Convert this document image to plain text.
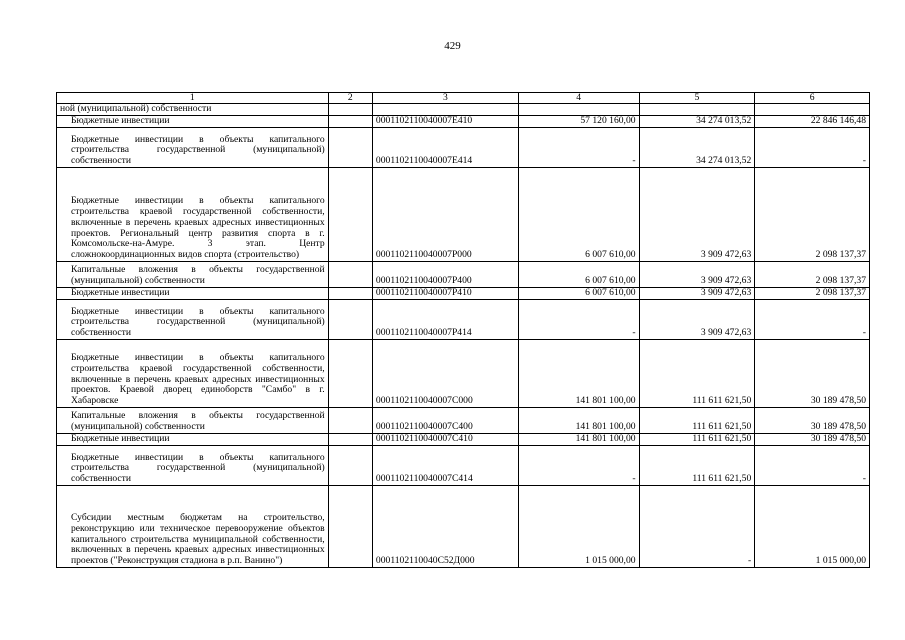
429
1	2	3	4	5	6
ной (муниципальной) собственности					
Бюджетные инвестиции		0001102110040007Е410	57 120 160,00	34 274 013,52	22 846 146,48
Бюджетные инвестиции в объекты капитального строительства государственной (муниципальной) собственности		0001102110040007Е414	-	34 274 013,52	-
Бюджетные инвестиции в объекты капитального строительства краевой государственной собственности, включенные в перечень краевых адресных инвестиционных проектов. Региональный центр развития спорта в г. Комсомольске-на-Амуре. 3 этап. Центр сложнокоординационных видов спорта (строительство)		0001102110040007Р000	6 007 610,00	3 909 472,63	2 098 137,37
Капитальные вложения в объекты государственной (муниципальной) собственности		0001102110040007Р400	6 007 610,00	3 909 472,63	2 098 137,37
Бюджетные инвестиции		0001102110040007Р410	6 007 610,00	3 909 472,63	2 098 137,37
Бюджетные инвестиции в объекты капитального строительства государственной (муниципальной) собственности		0001102110040007Р414	-	3 909 472,63	-
Бюджетные инвестиции в объекты капитального строительства краевой государственной собственности, включенные в перечень краевых адресных инвестиционных проектов. Краевой дворец единоборств "Самбо" в г. Хабаровске		0001102110040007С000	141 801 100,00	111 611 621,50	30 189 478,50
Капитальные вложения в объекты государственной (муниципальной) собственности		0001102110040007С400	141 801 100,00	111 611 621,50	30 189 478,50
Бюджетные инвестиции		0001102110040007С410	141 801 100,00	111 611 621,50	30 189 478,50
Бюджетные инвестиции в объекты капитального строительства государственной (муниципальной) собственности		0001102110040007С414	-	111 611 621,50	-
Субсидии местным бюджетам на строительство, реконструкцию или техническое перевооружение объектов капитального строительства муниципальной собственности, включенных в перечень краевых адресных инвестиционных проектов ("Реконструкция стадиона в р.п. Ванино")		0001102110040С52Д000	1 015 000,00	-	1 015 000,00
